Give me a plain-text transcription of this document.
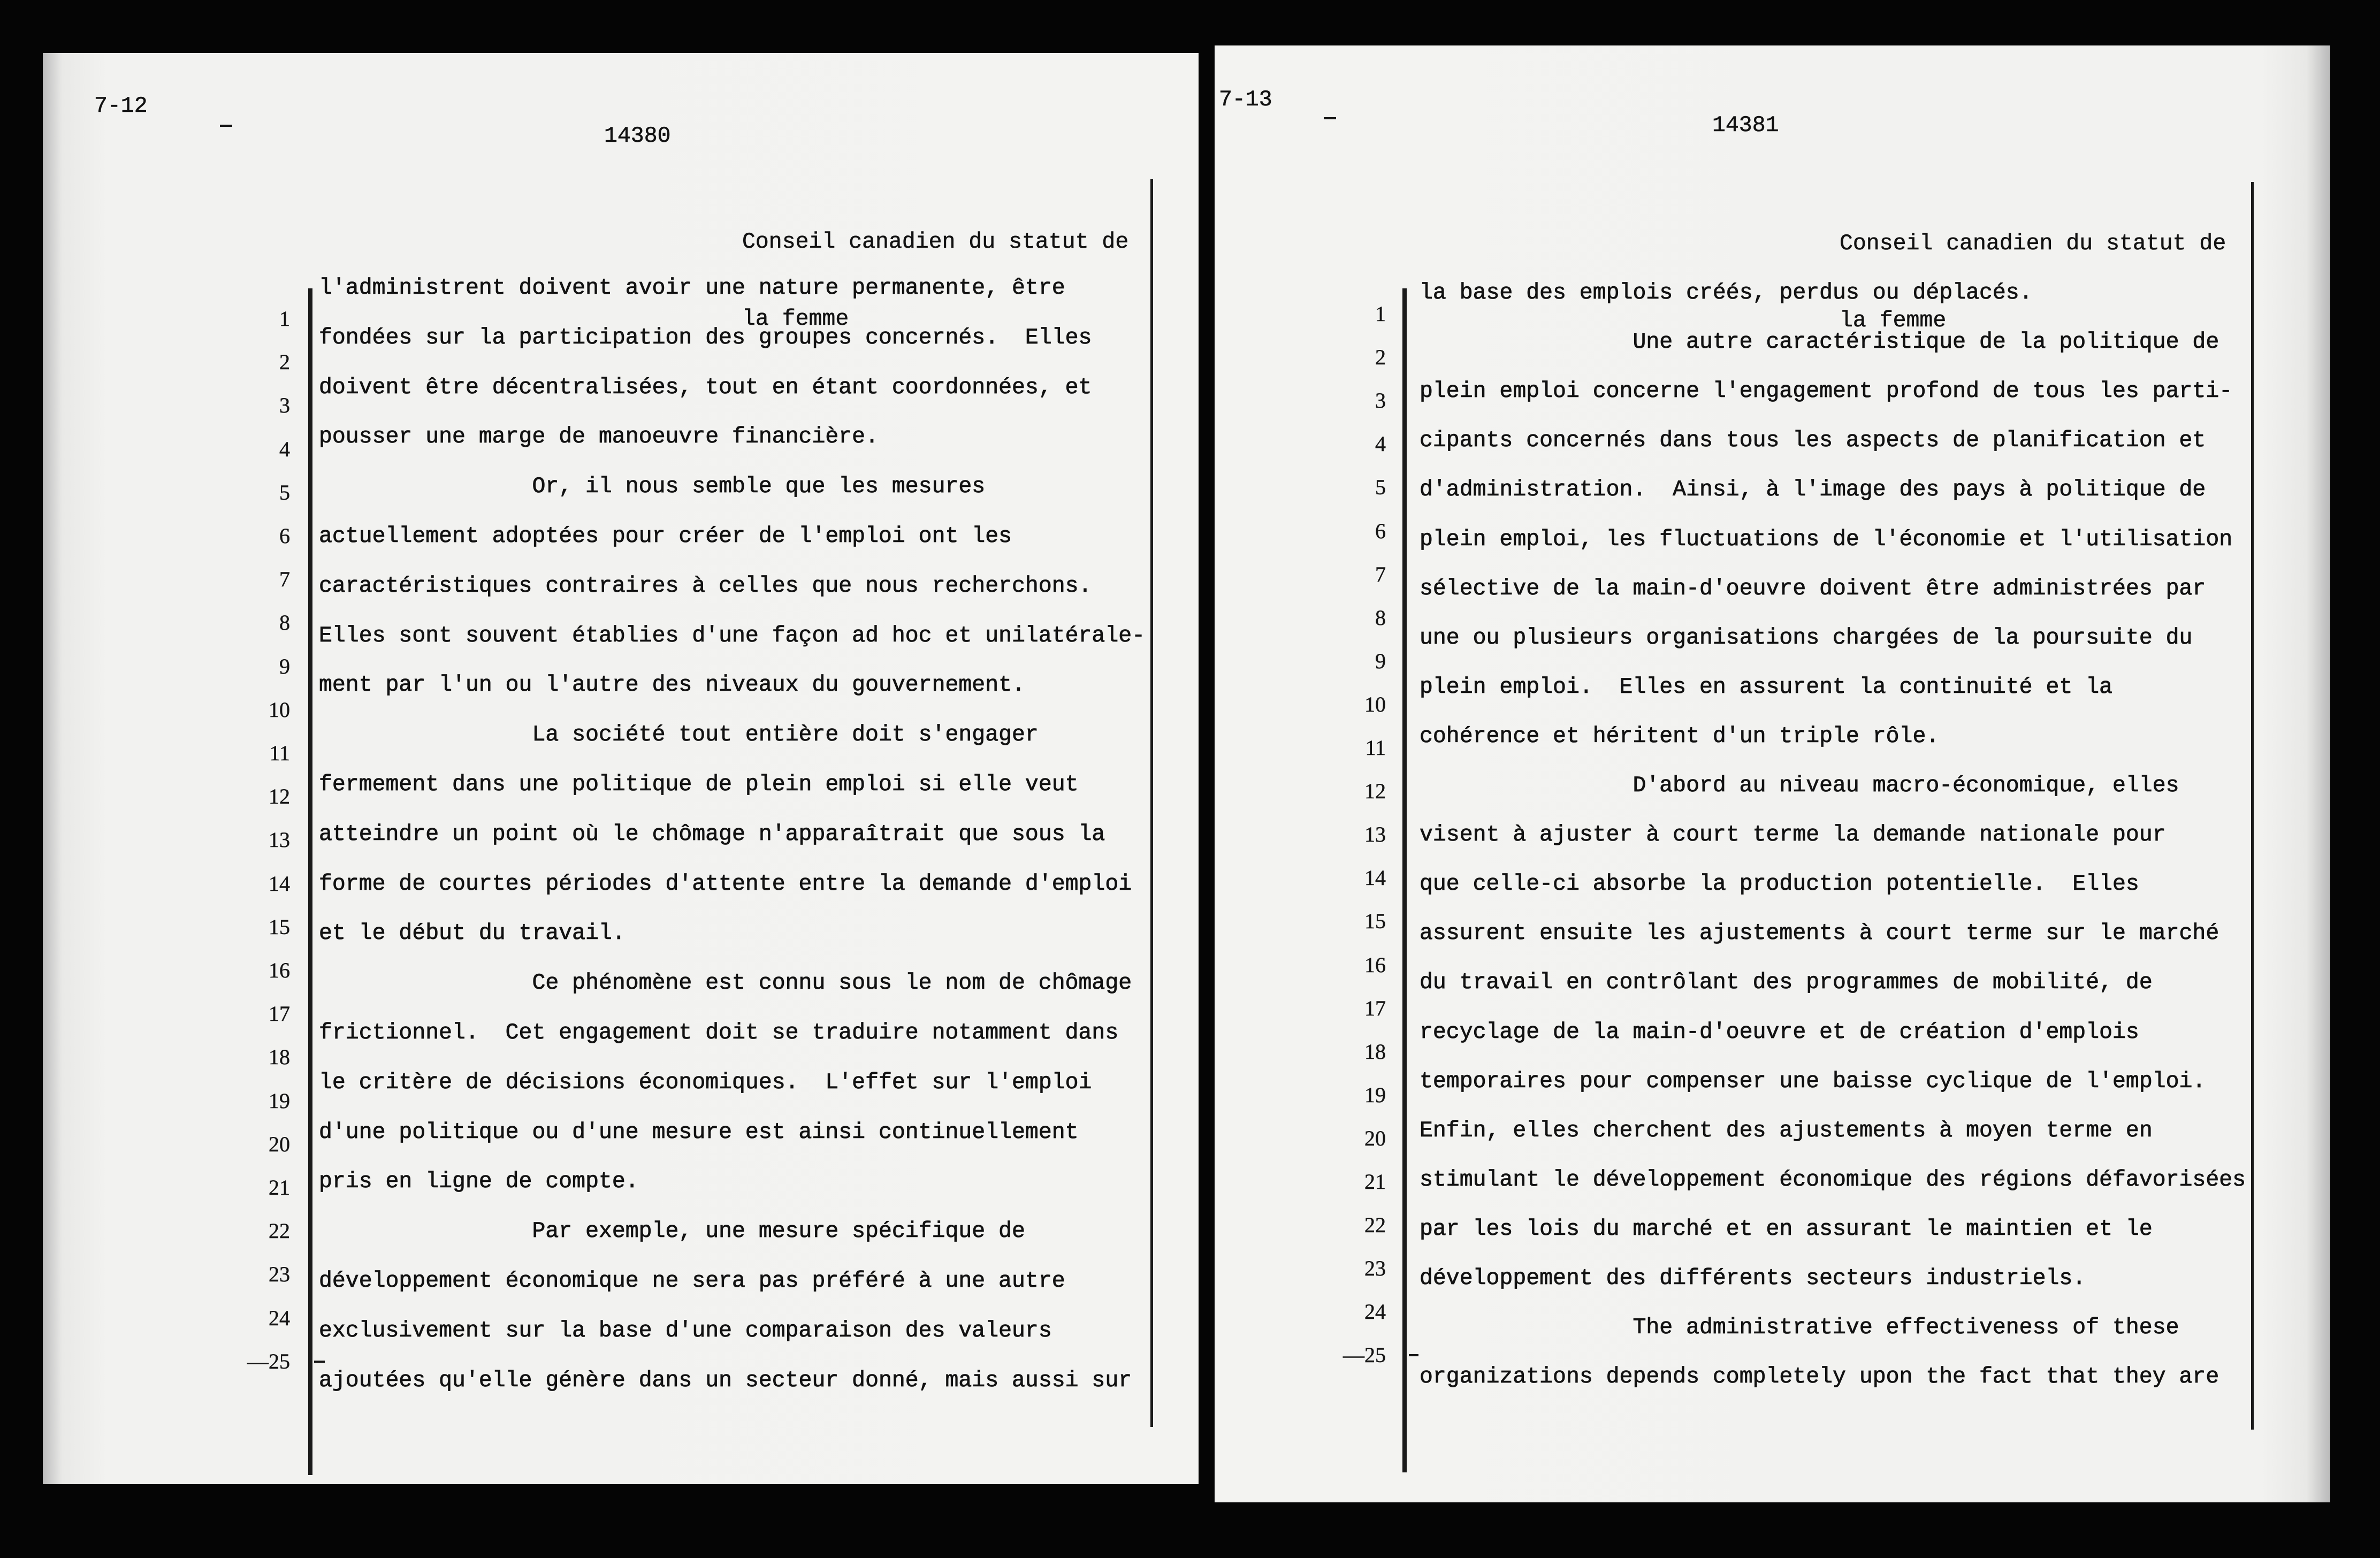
7-12
14380

Conseil canadien du statut de

la femme

1
2
3
4
5
6
7
8
9
10
11
12
13
14
15
16
17
18
19
20
21
22
23
24
—25
l'administrent doivent avoir une nature permanente, être
fondées sur la participation des groupes concernés.  Elles
doivent être décentralisées, tout en étant coordonnées, et
pousser une marge de manoeuvre financière.
Or, il nous semble que les mesures
actuellement adoptées pour créer de l'emploi ont les
caractéristiques contraires à celles que nous recherchons.
Elles sont souvent établies d'une façon ad hoc et unilatérale-
ment par l'un ou l'autre des niveaux du gouvernement.
La société tout entière doit s'engager
fermement dans une politique de plein emploi si elle veut
atteindre un point où le chômage n'apparaîtrait que sous la
forme de courtes périodes d'attente entre la demande d'emploi
et le début du travail.
Ce phénomène est connu sous le nom de chômage
frictionnel.  Cet engagement doit se traduire notamment dans
le critère de décisions économiques.  L'effet sur l'emploi
d'une politique ou d'une mesure est ainsi continuellement
pris en ligne de compte.
Par exemple, une mesure spécifique de
développement économique ne sera pas préféré à une autre
exclusivement sur la base d'une comparaison des valeurs
ajoutées qu'elle génère dans un secteur donné, mais aussi sur
7-13
14381

Conseil canadien du statut de

la femme

1
2
3
4
5
6
7
8
9
10
11
12
13
14
15
16
17
18
19
20
21
22
23
24
—25
la base des emplois créés, perdus ou déplacés.
Une autre caractéristique de la politique de
plein emploi concerne l'engagement profond de tous les parti-
cipants concernés dans tous les aspects de planification et
d'administration.  Ainsi, à l'image des pays à politique de
plein emploi, les fluctuations de l'économie et l'utilisation
sélective de la main-d'oeuvre doivent être administrées par
une ou plusieurs organisations chargées de la poursuite du
plein emploi.  Elles en assurent la continuité et la
cohérence et héritent d'un triple rôle.
D'abord au niveau macro-économique, elles
visent à ajuster à court terme la demande nationale pour
que celle-ci absorbe la production potentielle.  Elles
assurent ensuite les ajustements à court terme sur le marché
du travail en contrôlant des programmes de mobilité, de
recyclage de la main-d'oeuvre et de création d'emplois
temporaires pour compenser une baisse cyclique de l'emploi.
Enfin, elles cherchent des ajustements à moyen terme en
stimulant le développement économique des régions défavorisées
par les lois du marché et en assurant le maintien et le
développement des différents secteurs industriels.
The administrative effectiveness of these
organizations depends completely upon the fact that they are
